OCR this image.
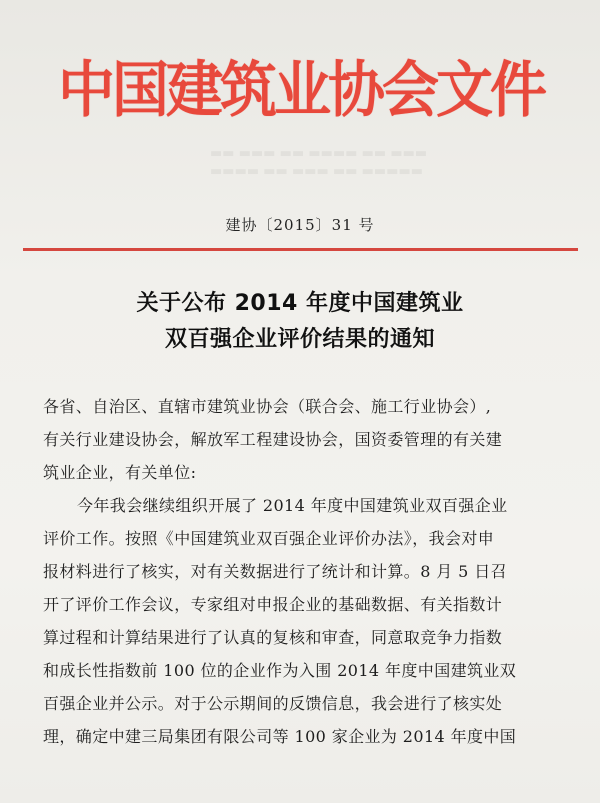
▬▬ ▬▬▬ ▬▬ ▬▬▬▬ ▬▬ ▬▬▬
▬▬▬▬ ▬▬ ▬▬▬ ▬▬ ▬▬▬▬▬
中国建筑业协会文件
建协〔2015〕31 号
关于公布 2014 年度中国建筑业
双百强企业评价结果的通知
各省、自治区、直辖市建筑业协会（联合会、施工行业协会）,
有关行业建设协会，解放军工程建设协会，国资委管理的有关建
筑业企业，有关单位:
今年我会继续组织开展了 2014 年度中国建筑业双百强企业
评价工作。按照《中国建筑业双百强企业评价办法》，我会对申
报材料进行了核实，对有关数据进行了统计和计算。8 月 5 日召
开了评价工作会议，专家组对申报企业的基础数据、有关指数计
算过程和计算结果进行了认真的复核和审查，同意取竞争力指数
和成长性指数前 100 位的企业作为入围 2014 年度中国建筑业双
百强企业并公示。对于公示期间的反馈信息，我会进行了核实处
理，确定中建三局集团有限公司等 100 家企业为 2014 年度中国
